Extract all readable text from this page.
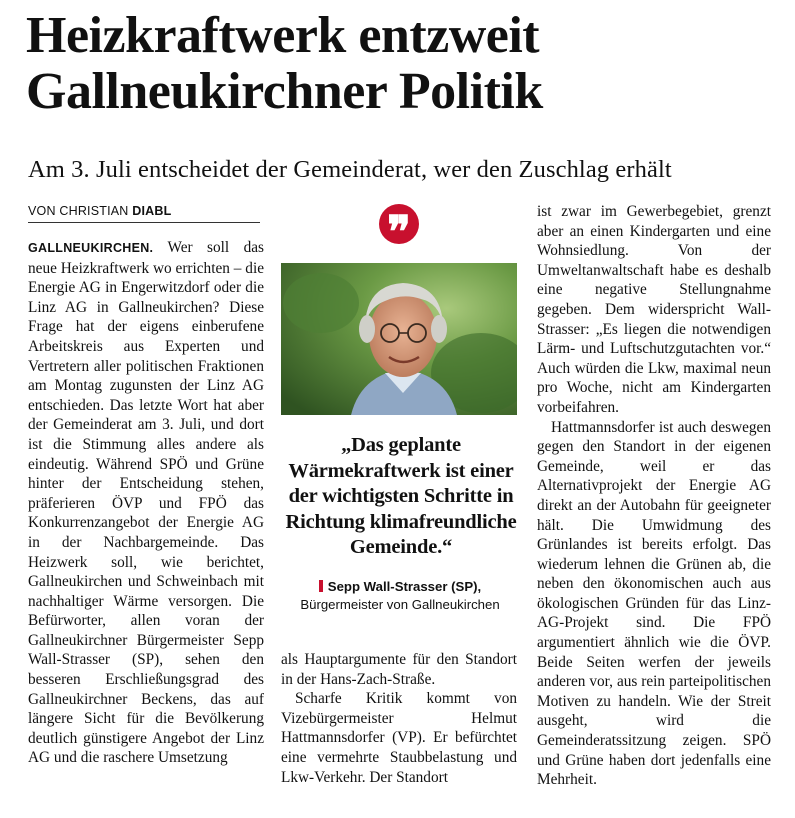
Heizkraftwerk entzweit
Gallneukirchner Politik

Am 3. Juli entscheidet der Gemeinderat, wer den Zuschlag erhält

VON CHRISTIAN DIABL

GALLNEUKIRCHEN. Wer soll das neue Heizkraftwerk wo errichten – die Energie AG in Engerwitzdorf oder die Linz AG in Gallneukirchen? Diese Frage hat der eigens einberufene Arbeitskreis aus Experten und Vertretern aller politischen Fraktionen am Montag zugunsten der Linz AG entschieden. Das letzte Wort hat aber der Gemeinderat am 3. Juli, und dort ist die Stimmung alles andere als eindeutig. Während SPÖ und Grüne hinter der Entscheidung stehen, präferieren ÖVP und FPÖ das Konkurrenzangebot der Energie AG in der Nachbargemeinde. Das Heizwerk soll, wie berichtet, Gallneukirchen und Schweinbach mit nachhaltiger Wärme versorgen. Die Befürworter, allen voran der Gallneukirchner Bürgermeister Sepp Wall-Strasser (SP), sehen den besseren Erschließungsgrad des Gallneukirchner Beckens, das auf längere Sicht für die Bevölkerung deutlich günstigere Angebot der Linz AG und die raschere Umsetzung

❞
„Das geplante Wärmekraftwerk ist einer der wichtigsten Schritte in Richtung klimafreundliche Gemeinde.“
Sepp Wall-Strasser (SP),
Bürgermeister von Gallneukirchen

als Hauptargumente für den Standort in der Hans-Zach-Straße.

Scharfe Kritik kommt von Vizebürgermeister Helmut Hattmannsdorfer (VP). Er befürchtet eine vermehrte Staubbelastung und Lkw-Verkehr. Der Standort

ist zwar im Gewerbegebiet, grenzt aber an einen Kindergarten und eine Wohnsiedlung. Von der Umweltanwaltschaft habe es deshalb eine negative Stellungnahme gegeben. Dem widerspricht Wall-Strasser: „Es liegen die notwendigen Lärm- und Luftschutzgutachten vor.“ Auch würden die Lkw, maximal neun pro Woche, nicht am Kindergarten vorbeifahren.

Hattmannsdorfer ist auch deswegen gegen den Standort in der eigenen Gemeinde, weil er das Alternativprojekt der Energie AG direkt an der Autobahn für geeigneter hält. Die Umwidmung des Grünlandes ist bereits erfolgt. Das wiederum lehnen die Grünen ab, die neben den ökonomischen auch aus ökologischen Gründen für das Linz-AG-Projekt sind. Die FPÖ argumentiert ähnlich wie die ÖVP. Beide Seiten werfen der jeweils anderen vor, aus rein parteipolitischen Motiven zu handeln. Wie der Streit ausgeht, wird die Gemeinderatssitzung zeigen. SPÖ und Grüne haben dort jedenfalls eine Mehrheit.
